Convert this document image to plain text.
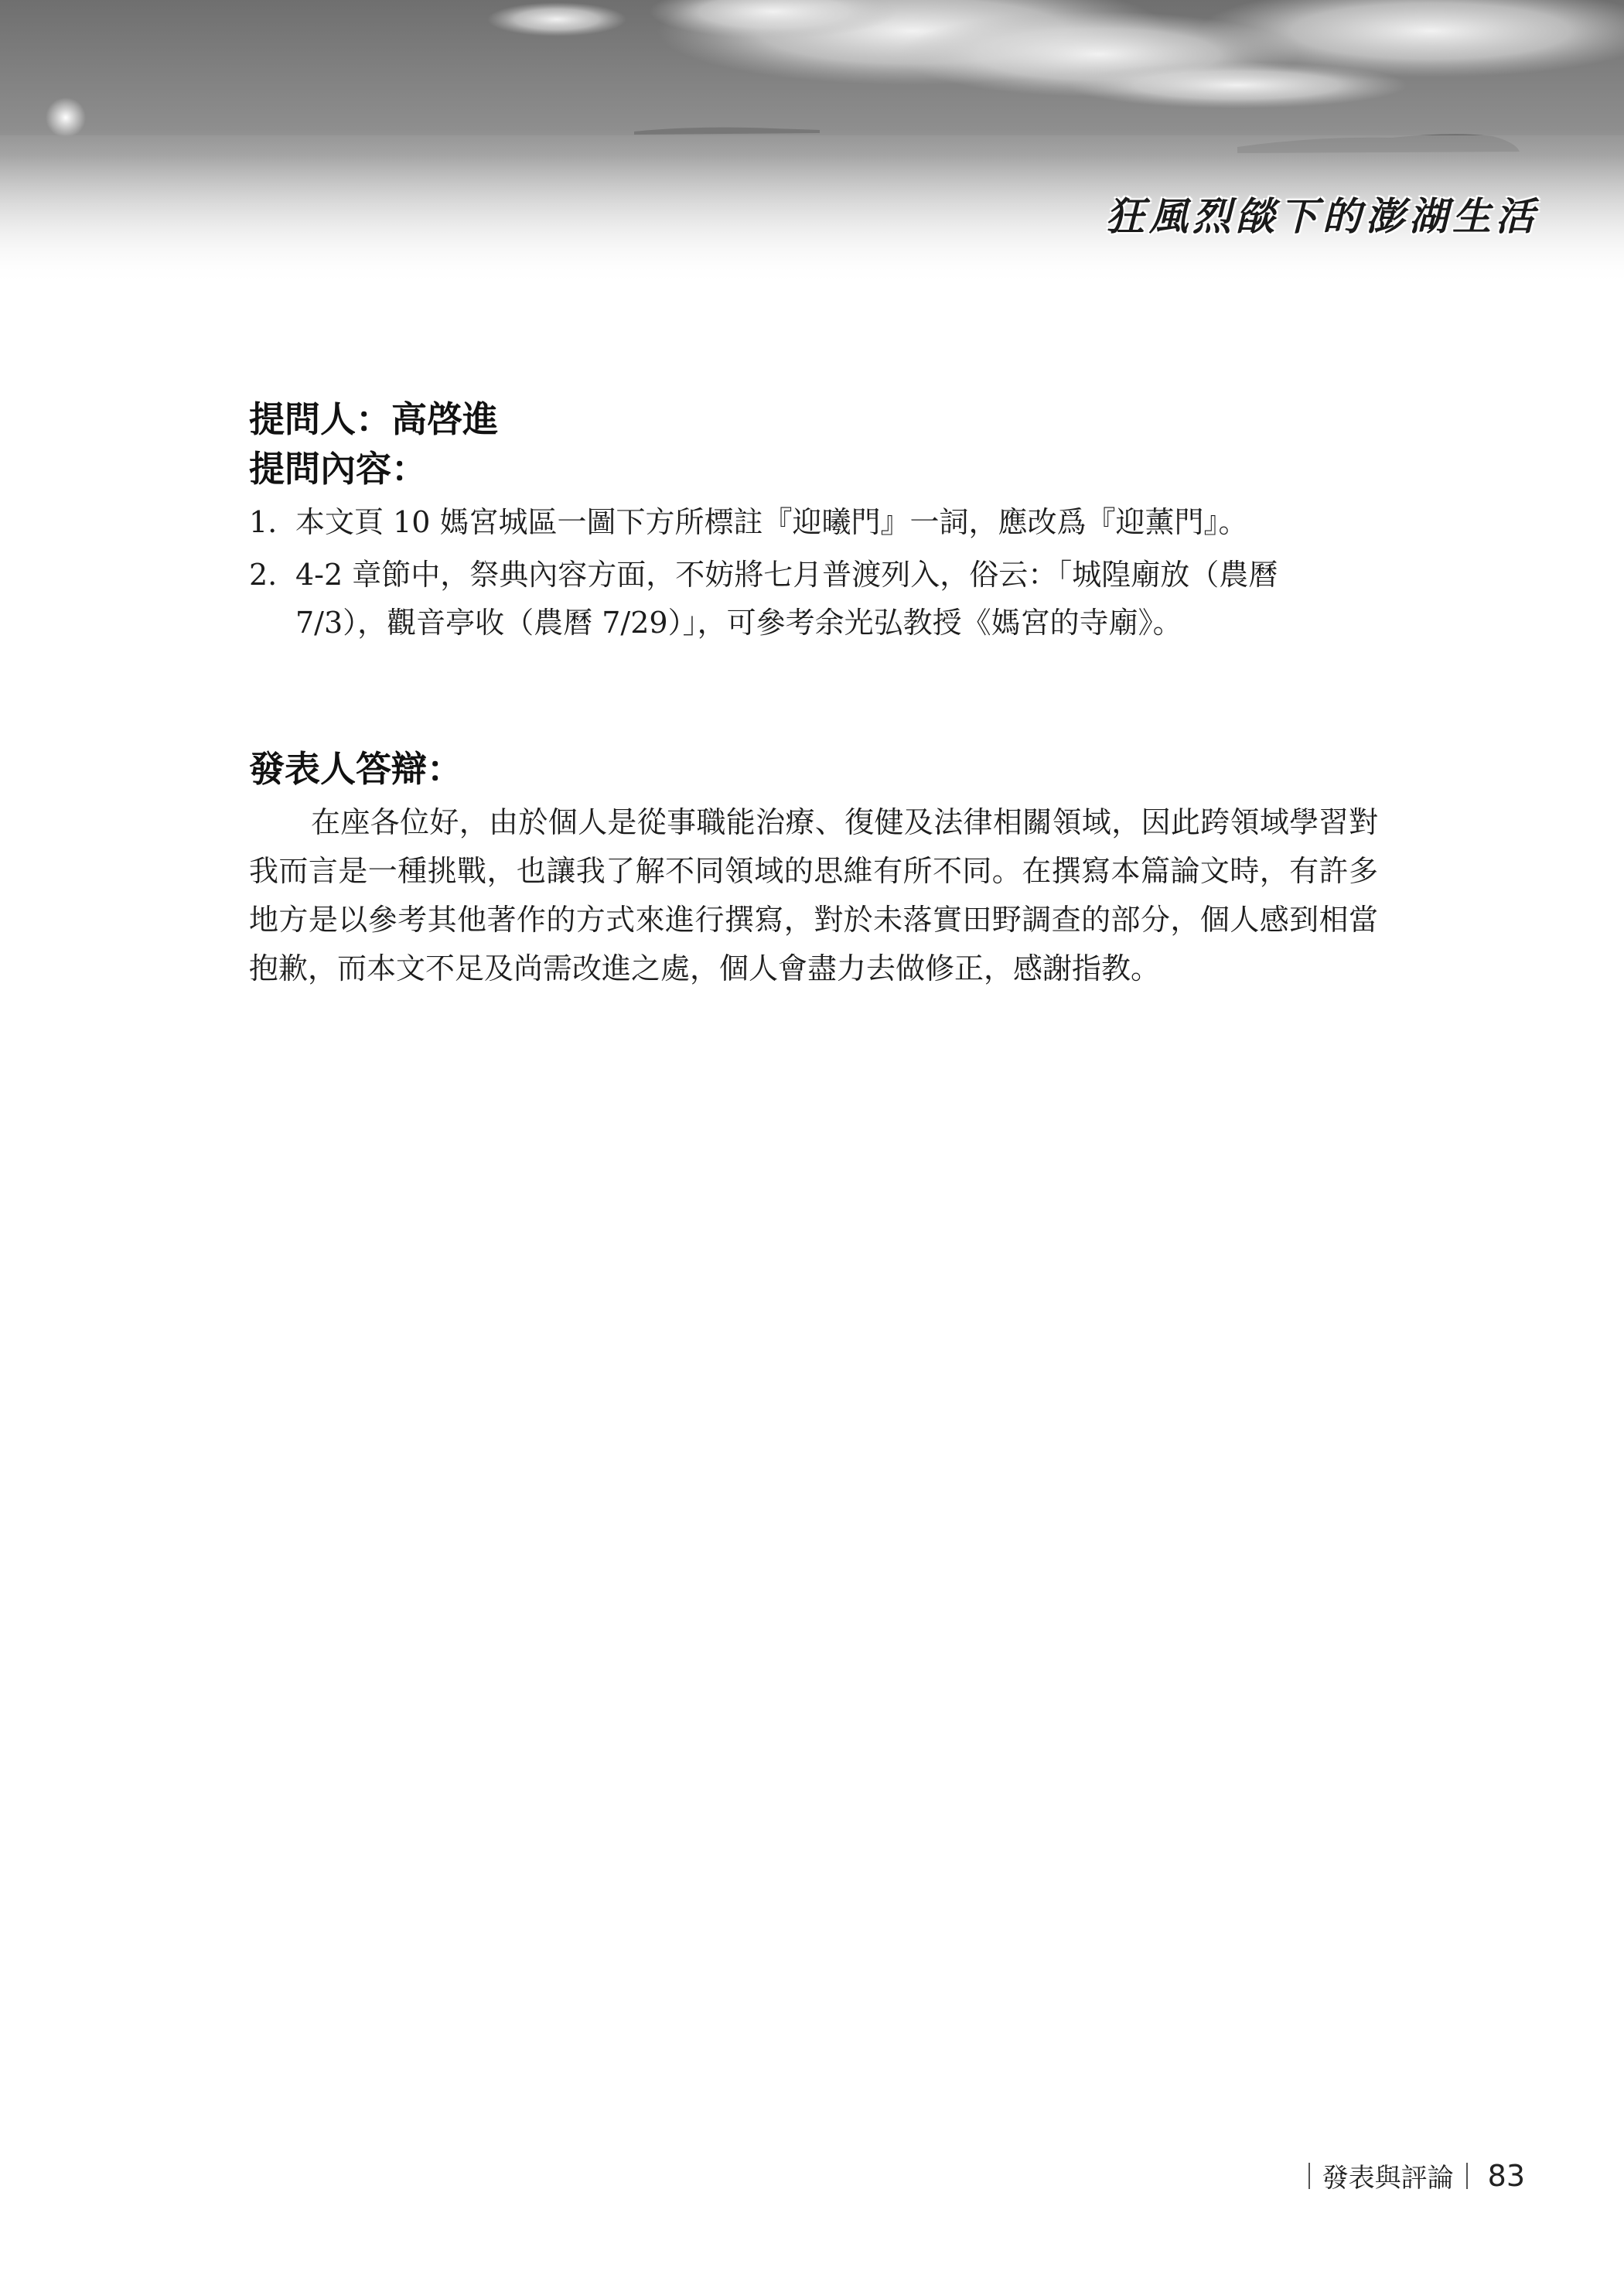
狂風烈燄下的澎湖生活
提問人：高啓進
提問內容：
1. 本文頁 10 媽宮城區一圖下方所標註『迎曦門』一詞，應改爲『迎薰門』。
2. 4-2 章節中，祭典內容方面，不妨將七月普渡列入，俗云：「城隍廟放（農曆 7/3），觀音亭收（農曆 7/29）」，可參考余光弘教授《媽宮的寺廟》。
發表人答辯：

在座各位好，由於個人是從事職能治療、復健及法律相關領域，因此跨領域學習對我而言是一種挑戰，也讓我了解不同領域的思維有所不同。在撰寫本篇論文時，有許多地方是以參考其他著作的方式來進行撰寫，對於未落實田野調查的部分，個人感到相當抱歉，而本文不足及尚需改進之處，個人會盡力去做修正，感謝指教。

發表與評論 83
